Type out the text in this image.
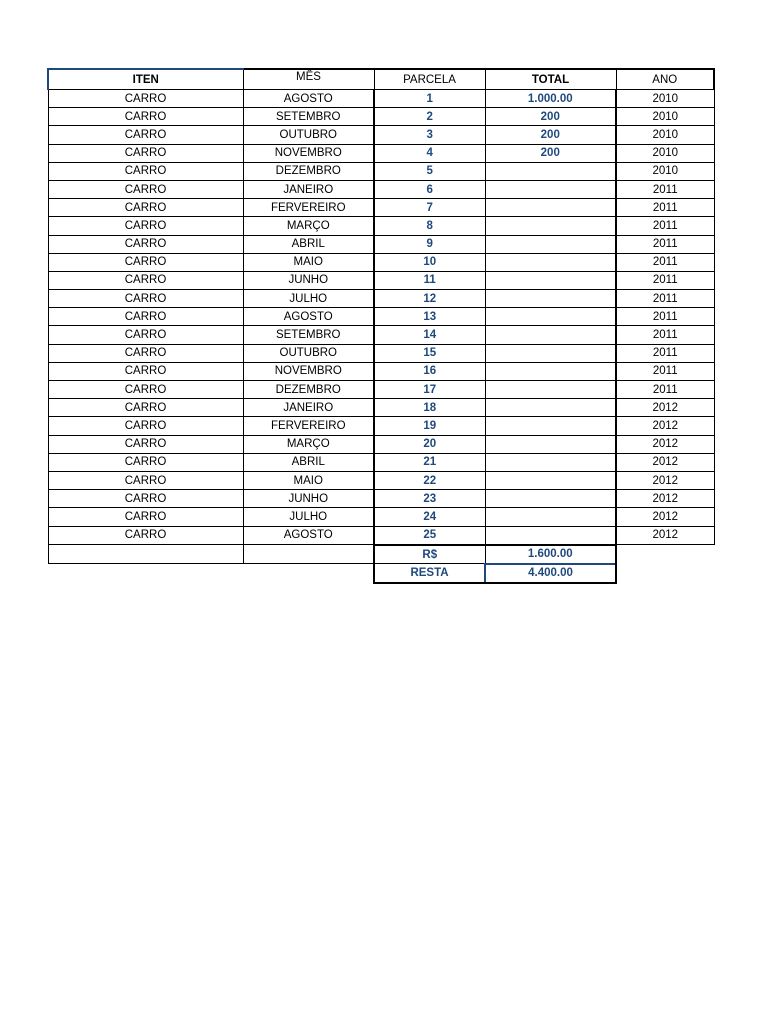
ITEN	MÊS	PARCELA	TOTAL	ANO
CARRO	AGOSTO	1	1.000.00	2010
CARRO	SETEMBRO	2	200	2010
CARRO	OUTUBRO	3	200	2010
CARRO	NOVEMBRO	4	200	2010
CARRO	DEZEMBRO	5		2010
CARRO	JANEIRO	6		2011
CARRO	FERVEREIRO	7		2011
CARRO	MARÇO	8		2011
CARRO	ABRIL	9		2011
CARRO	MAIO	10		2011
CARRO	JUNHO	11		2011
CARRO	JULHO	12		2011
CARRO	AGOSTO	13		2011
CARRO	SETEMBRO	14		2011
CARRO	OUTUBRO	15		2011
CARRO	NOVEMBRO	16		2011
CARRO	DEZEMBRO	17		2011
CARRO	JANEIRO	18		2012
CARRO	FERVEREIRO	19		2012
CARRO	MARÇO	20		2012
CARRO	ABRIL	21		2012
CARRO	MAIO	22		2012
CARRO	JUNHO	23		2012
CARRO	JULHO	24		2012
CARRO	AGOSTO	25		2012
		R$	1.600.00	
		RESTA	4.400.00	
